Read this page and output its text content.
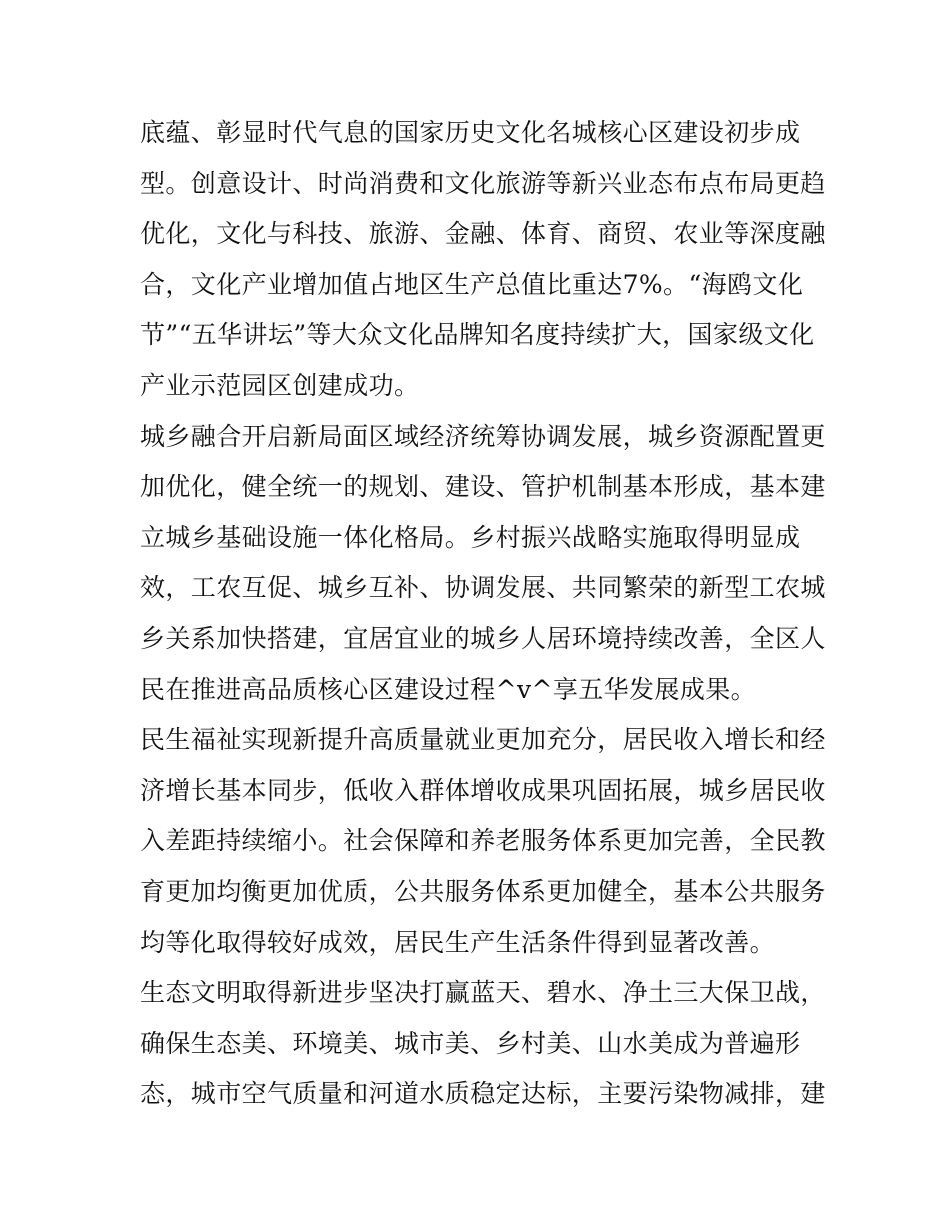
底蕴、彰显时代气息的国家历史文化名城核心区建设初步成
型。创意设计、时尚消费和文化旅游等新兴业态布点布局更趋
优化，文化与科技、旅游、金融、体育、商贸、农业等深度融
合，文化产业增加值占地区生产总值比重达7%。“海鸥文化
节”“五华讲坛”等大众文化品牌知名度持续扩大，国家级文化
产业示范园区创建成功。
城乡融合开启新局面区域经济统筹协调发展，城乡资源配置更
加优化，健全统一的规划、建设、管护机制基本形成，基本建
立城乡基础设施一体化格局。乡村振兴战略实施取得明显成
效，工农互促、城乡互补、协调发展、共同繁荣的新型工农城
乡关系加快搭建，宜居宜业的城乡人居环境持续改善，全区人
民在推进高品质核心区建设过程^v^享五华发展成果。
民生福祉实现新提升高质量就业更加充分，居民收入增长和经
济增长基本同步，低收入群体增收成果巩固拓展，城乡居民收
入差距持续缩小。社会保障和养老服务体系更加完善，全民教
育更加均衡更加优质，公共服务体系更加健全，基本公共服务
均等化取得较好成效，居民生产生活条件得到显著改善。
生态文明取得新进步坚决打赢蓝天、碧水、净土三大保卫战，
确保生态美、环境美、城市美、乡村美、山水美成为普遍形
态，城市空气质量和河道水质稳定达标，主要污染物减排，建
